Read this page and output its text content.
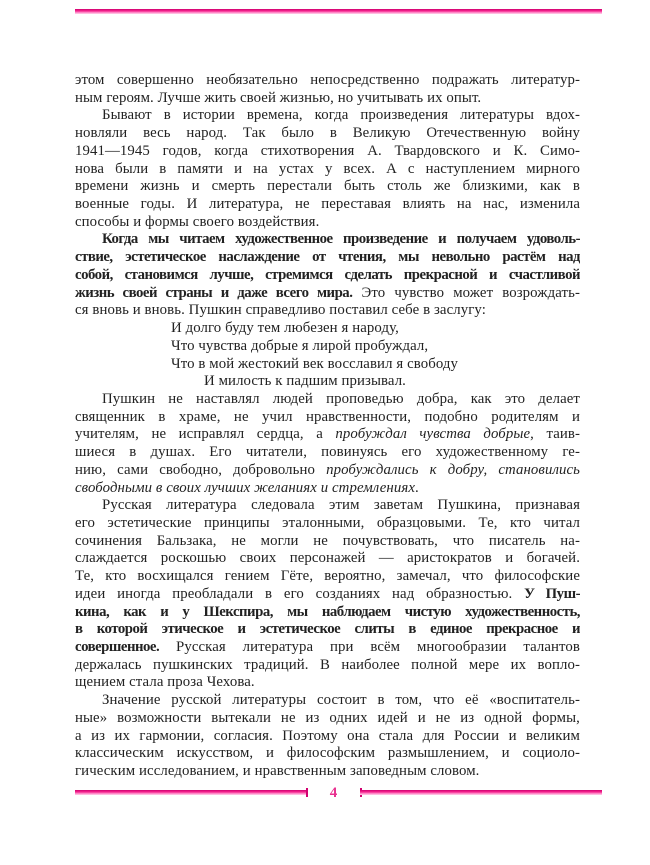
этом совершенно необязательно непосредственно подражать литератур-
ным героям. Лучше жить своей жизнью, но учитывать их опыт.
Бывают в истории времена, когда произведения литературы вдох-
новляли весь народ. Так было в Великую Отечественную войну
1941—1945 годов, когда стихотворения А. Твардовского и К. Симо-
нова были в памяти и на устах у всех. А с наступлением мирного
времени жизнь и смерть перестали быть столь же близкими, как в
военные годы. И литература, не переставая влиять на нас, изменила
способы и формы своего воздействия.
Когда мы читаем художественное произведение и получаем удоволь-
ствие, эстетическое наслаждение от чтения, мы невольно растём над
собой, становимся лучше, стремимся сделать прекрасной и счастливой
жизнь своей страны и даже всего мира. Это чувство может возрождать-
ся вновь и вновь. Пушкин справедливо поставил себе в заслугу:
И долго буду тем любезен я народу,
Что чувства добрые я лирой пробуждал,
Что в мой жестокий век восславил я свободу
И милость к падшим призывал.
Пушкин не наставлял людей проповедью добра, как это делает
священник в храме, не учил нравственности, подобно родителям и
учителям, не исправлял сердца, а пробуждал чувства добрые, таив-
шиеся в душах. Его читатели, повинуясь его художественному ге-
нию, сами свободно, добровольно пробуждались к добру, становились
свободными в своих лучших желаниях и стремлениях.
Русская литература следовала этим заветам Пушкина, признавая
его эстетические принципы эталонными, образцовыми. Те, кто читал
сочинения Бальзака, не могли не почувствовать, что писатель на-
слаждается роскошью своих персонажей — аристократов и богачей.
Те, кто восхищался гением Гёте, вероятно, замечал, что философские
идеи иногда преобладали в его созданиях над образностью. У Пуш-
кина, как и у Шекспира, мы наблюдаем чистую художественность,
в которой этическое и эстетическое слиты в единое прекрасное и
совершенное. Русская литература при всём многообразии талантов
держалась пушкинских традиций. В наиболее полной мере их вопло-
щением стала проза Чехова.
Значение русской литературы состоит в том, что её «воспитатель-
ные» возможности вытекали не из одних идей и не из одной формы,
а из их гармонии, согласия. Поэтому она стала для России и великим
классическим искусством, и философским размышлением, и социоло-
гическим исследованием, и нравственным заповедным словом.
4
